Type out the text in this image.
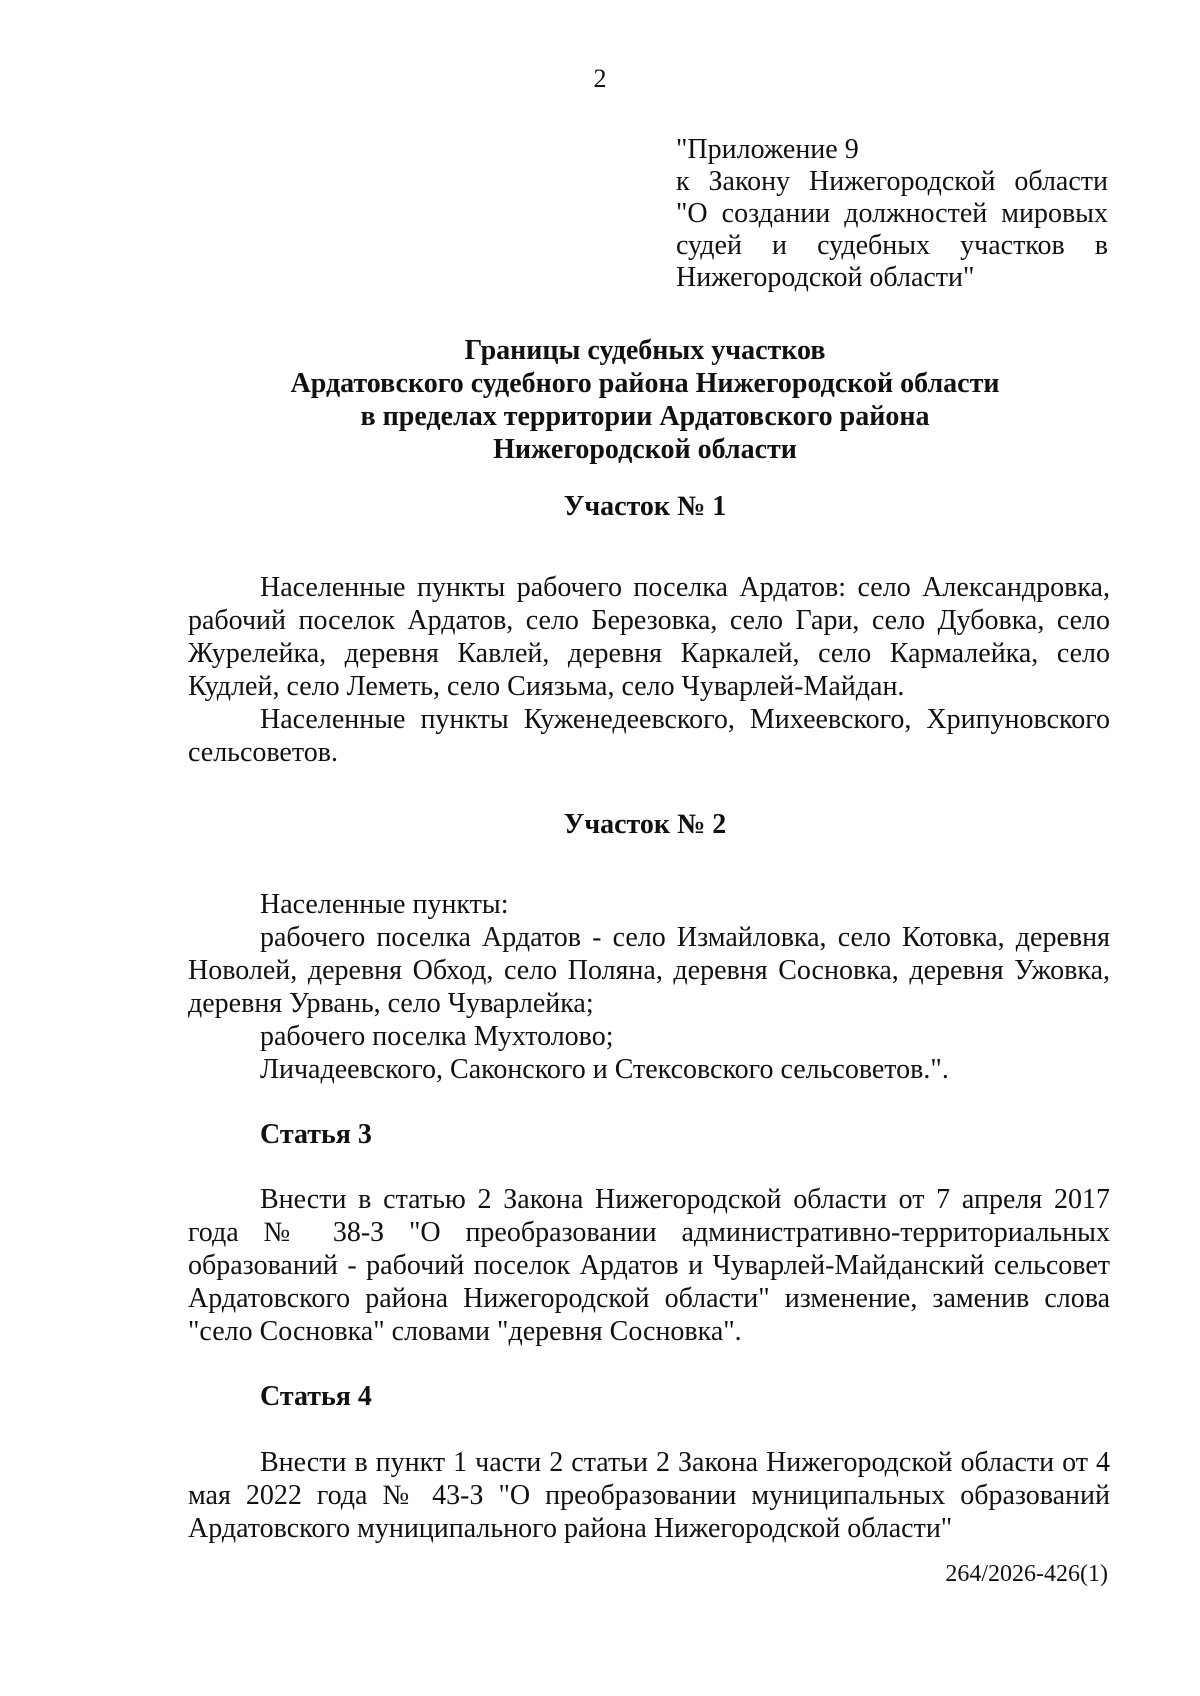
2
"Приложение 9
к Закону Нижегородской области
"О создании должностей мировых
судей и судебных участков в
Нижегородской области"
Границы судебных участков
Ардатовского судебного района Нижегородской области
в пределах территории Ардатовского района
Нижегородской области
Участок № 1
Населенные пункты рабочего поселка Ардатов: село Александровка, рабочий поселок Ардатов, село Березовка, село Гари, село Дубовка, село Журелейка, деревня Кавлей, деревня Каркалей, село Кармалейка, село Кудлей, село Леметь, село Сиязьма, село Чуварлей-Майдан.
Населенные пункты Куженедеевского, Михеевского, Хрипуновского сельсоветов.
Участок № 2
Населенные пункты:
рабочего поселка Ардатов - село Измайловка, село Котовка, деревня Новолей, деревня Обход, село Поляна, деревня Сосновка, деревня Ужовка, деревня Урвань, село Чуварлейка;
рабочего поселка Мухтолово;
Личадеевского, Саконского и Стексовского сельсоветов.".
Статья 3
Внести в статью 2 Закона Нижегородской области от 7 апреля 2017 года № 38-З "О преобразовании административно-территориальных образований - рабочий поселок Ардатов и Чуварлей-Майданский сельсовет Ардатовского района Нижегородской области" изменение, заменив слова "село Сосновка" словами "деревня Сосновка".
Статья 4
Внести в пункт 1 части 2 статьи 2 Закона Нижегородской области от 4 мая 2022 года № 43-З "О преобразовании муниципальных образований Ардатовского муниципального района Нижегородской области"
264/2026-426(1)
